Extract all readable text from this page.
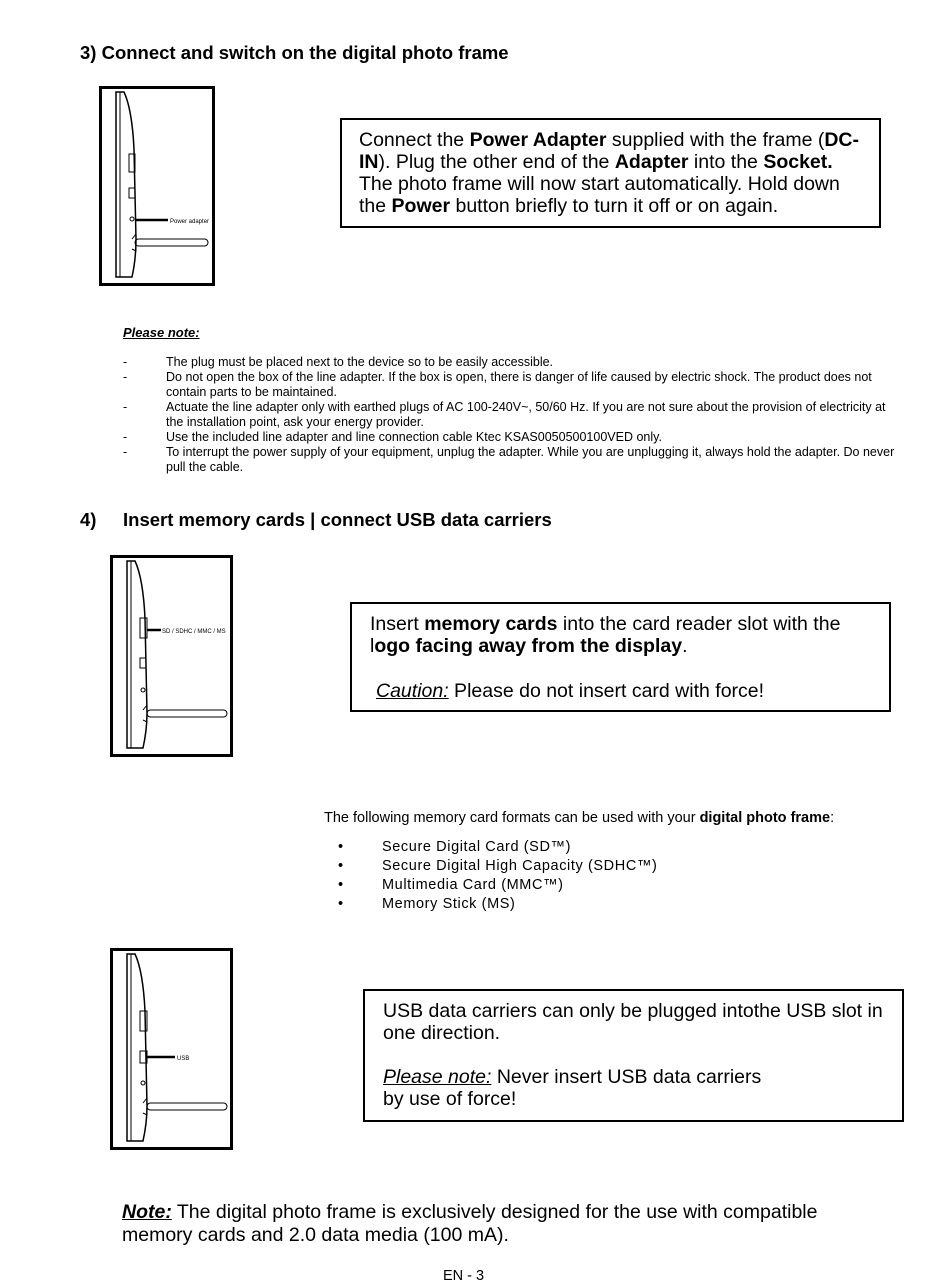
3) Connect and switch on the digital photo frame
Power adapter

Connect the Power Adapter supplied with the frame (DC-IN). Plug the other end of the Adapter into the Socket. The photo frame will now start automatically. Hold down the Power button briefly to turn it off or on again.

Please note:

-	The plug must be placed next to the device so to be easily accessible.

-	Do not open the box of the line adapter. If the box is open, there is danger of life caused by electric shock. The product does not contain parts to be maintained.

-	Actuate the line adapter only with earthed plugs of AC 100-240V~, 50/60 Hz. If you are not sure about the provision of electricity at the installation point, ask your energy provider.

-	Use the included line adapter and line connection cable Ktec KSAS0050500100VED only.

-	To interrupt the power supply of your equipment, unplug the adapter. While you are unplugging it, always hold the adapter. Do never pull the cable.

4) Insert memory cards | connect USB data carriers
SD / SDHC / MMC / MS	Insert memory cards into the card reader slot with the logo facing away from the display.

Caution: Please do not insert card with force!

The following memory card formats can be used with your digital photo frame:
•	Secure Digital Card (SD™)
•	Secure Digital High Capacity (SDHC™)
•	Multimedia Card (MMC™)
•	Memory Stick (MS)
USB

USB data carriers can only be plugged intothe USB slot in one direction.

Please note: Never insert USB data carriers
by use of force!

Note: The digital photo frame is exclusively designed for the use with compatible memory cards and 2.0 data media (100 mA).
EN - 3
